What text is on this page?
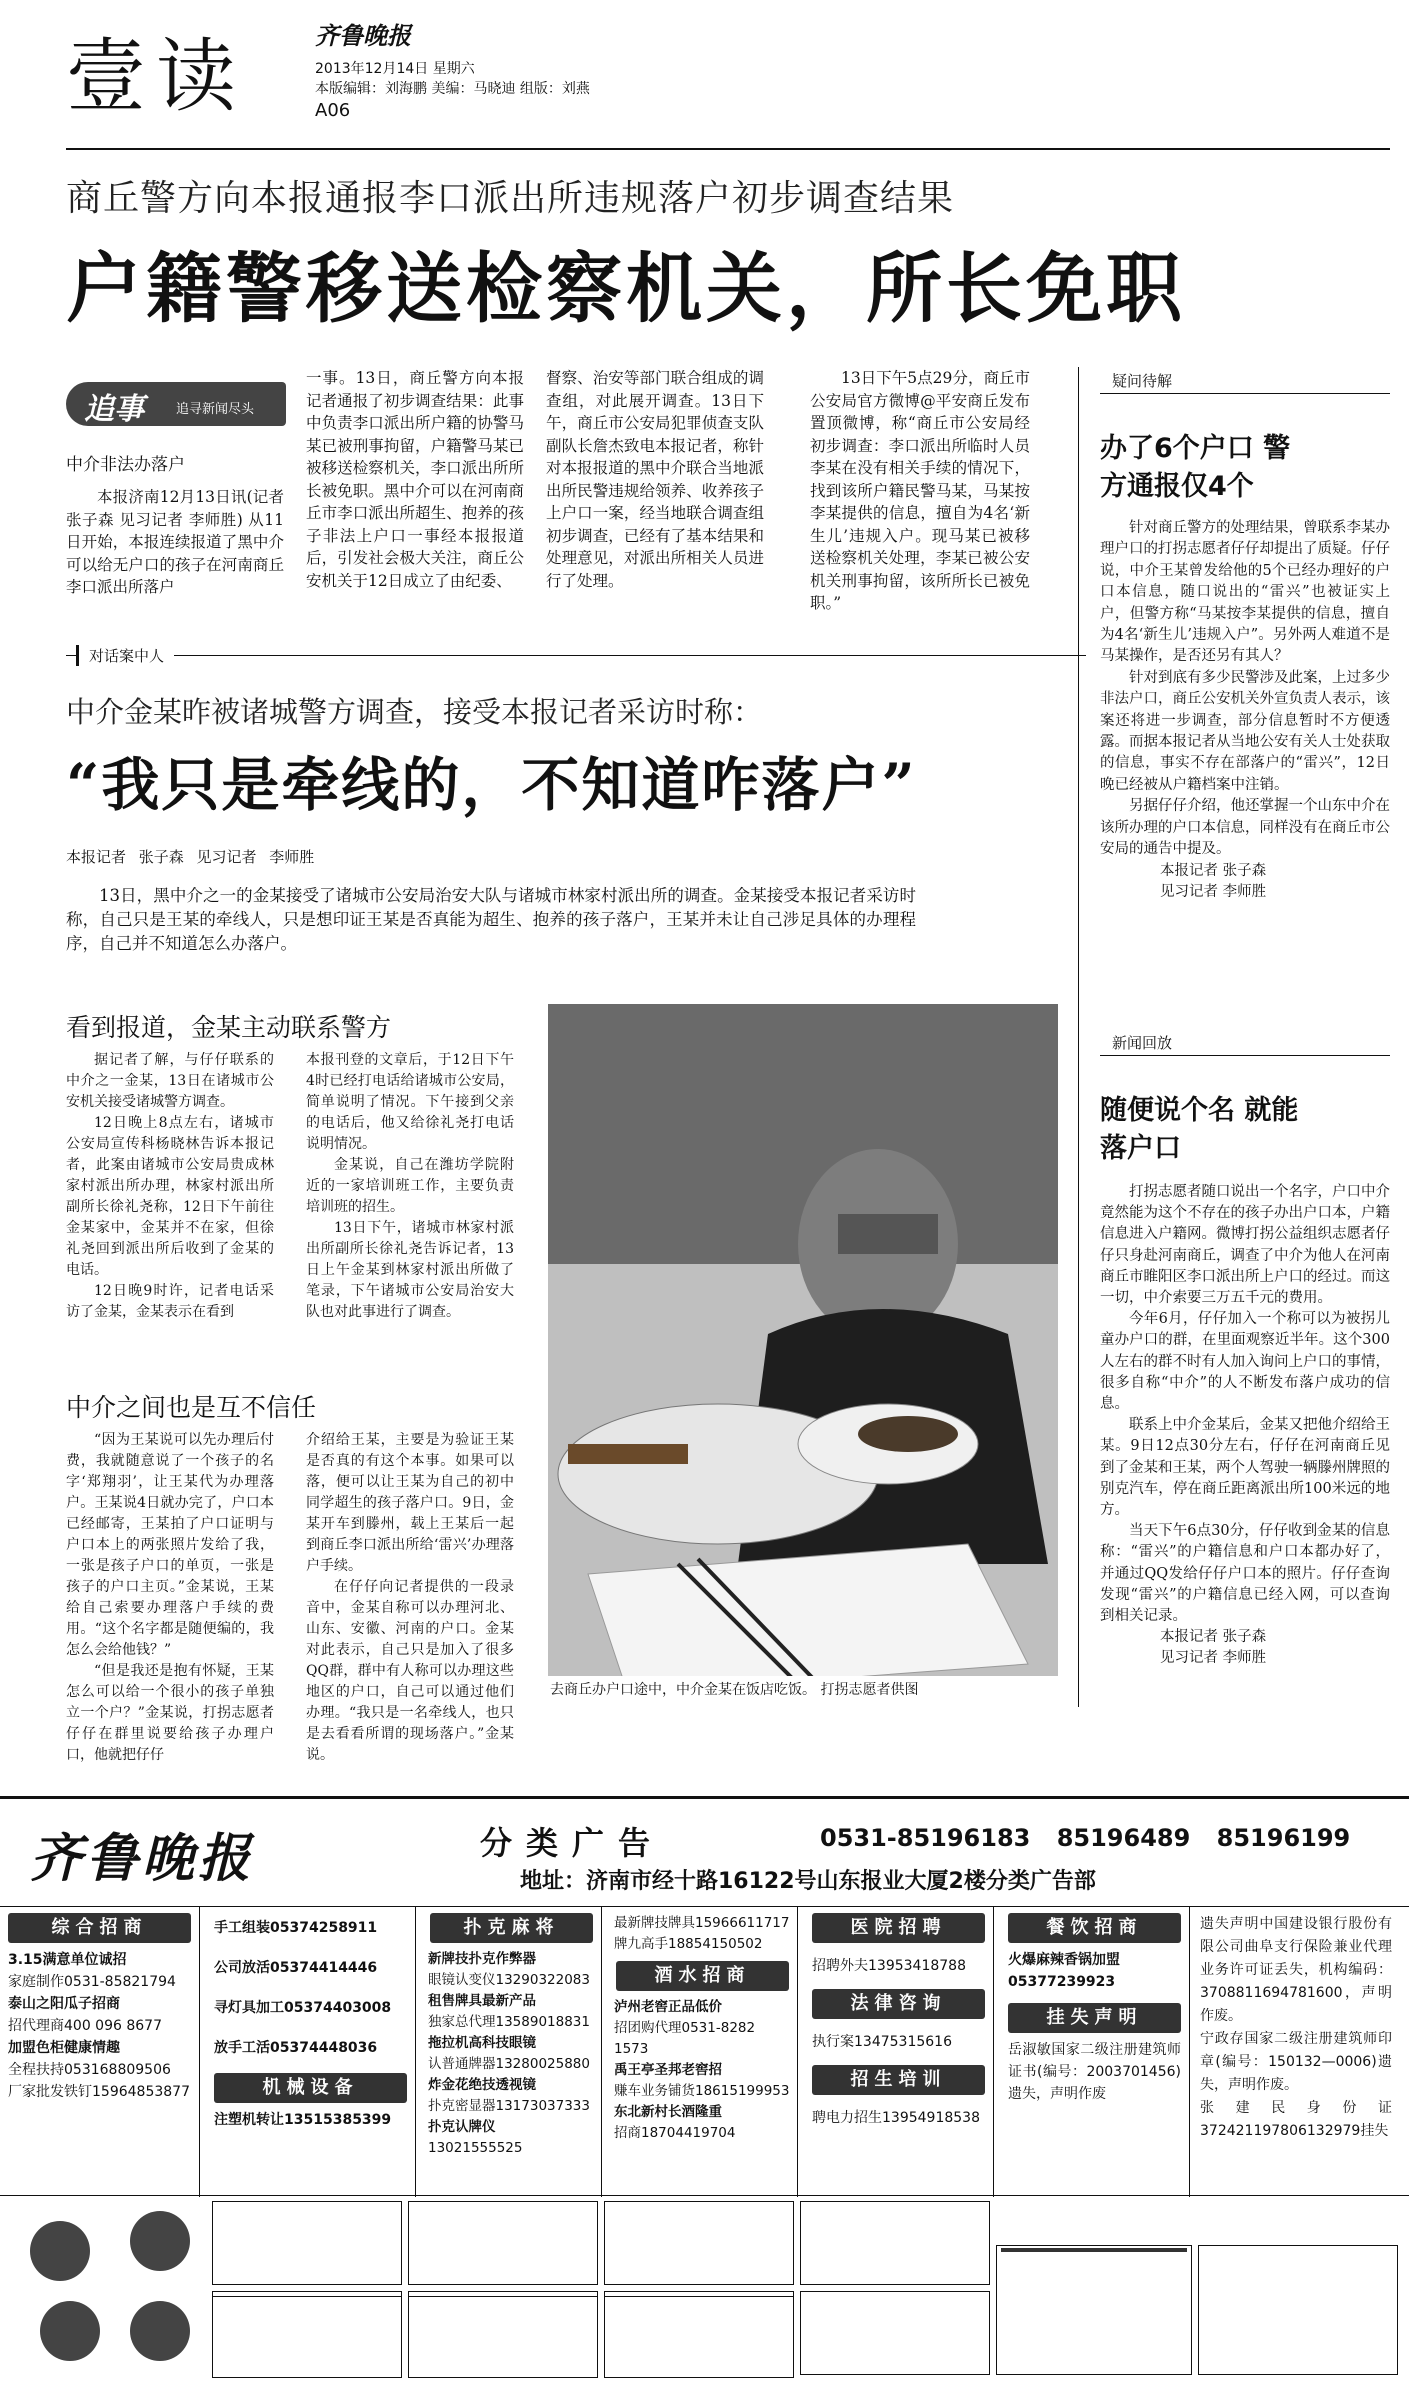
壹读	齐鲁晚报
2013年12月14日 星期六
本版编辑：刘海鹏 美编：马晓迪 组版：刘燕
A06
商丘警方向本报通报李口派出所违规落户初步调查结果
户籍警移送检察机关，所长免职
追事 追寻新闻尽头
中介非法办落户

本报济南12月13日讯(记者 张子森 见习记者 李师胜) 从11日开始，本报连续报道了黑中介可以给无户口的孩子在河南商丘李口派出所落户

一事。13日，商丘警方向本报记者通报了初步调查结果：此事中负责李口派出所户籍的协警马某已被刑事拘留，户籍警马某已被移送检察机关，李口派出所所长被免职。黑中介可以在河南商丘市李口派出所超生、抱养的孩子非法上户口一事经本报报道后，引发社会极大关注，商丘公安机关于12日成立了由纪委、

督察、治安等部门联合组成的调查组，对此展开调查。13日下午，商丘市公安局犯罪侦查支队副队长詹杰致电本报记者，称针对本报报道的黑中介联合当地派出所民警违规给领养、收养孩子上户口一案，经当地联合调查组初步调查，已经有了基本结果和处理意见，对派出所相关人员进行了处理。

13日下午5点29分，商丘市公安局官方微博@平安商丘发布置顶微博，称“商丘市公安局经初步调查：李口派出所临时人员李某在没有相关手续的情况下，找到该所户籍民警马某，马某按李某提供的信息，擅自为4名‘新生儿’违规入户。现马某已被移送检察机关处理，李某已被公安机关刑事拘留，该所所长已被免职。”

对话案中人
中介金某昨被诸城警方调查，接受本报记者采访时称：
“我只是牵线的，不知道咋落户”
本报记者 张子森 见习记者 李师胜

13日，黑中介之一的金某接受了诸城市公安局治安大队与诸城市林家村派出所的调查。金某接受本报记者采访时称，自己只是王某的牵线人，只是想印证王某是否真能为超生、抱养的孩子落户，王某并未让自己涉足具体的办理程序，自己并不知道怎么办落户。

看到报道，金某主动联系警方

据记者了解，与仔仔联系的中介之一金某，13日在诸城市公安机关接受诸城警方调查。

12日晚上8点左右，诸城市公安局宣传科杨晓林告诉本报记者，此案由诸城市公安局贵成林家村派出所办理，林家村派出所副所长徐礼尧称，12日下午前往金某家中，金某并不在家，但徐礼尧回到派出所后收到了金某的电话。

12日晚9时许，记者电话采访了金某，金某表示在看到

本报刊登的文章后，于12日下午4时已经打电话给诸城市公安局，简单说明了情况。下午接到父亲的电话后，他又给徐礼尧打电话说明情况。

金某说，自己在潍坊学院附近的一家培训班工作，主要负责培训班的招生。

13日下午，诸城市林家村派出所副所长徐礼尧告诉记者，13日上午金某到林家村派出所做了笔录，下午诸城市公安局治安大队也对此事进行了调查。

中介之间也是互不信任

“因为王某说可以先办理后付费，我就随意说了一个孩子的名字‘郑翔羽’，让王某代为办理落户。王某说4日就办完了，户口本已经邮寄，王某拍了户口证明与户口本上的两张照片发给了我，一张是孩子户口的单页，一张是孩子的户口主页。”金某说，王某给自己索要办理落户手续的费用。“这个名字都是随便编的，我怎么会给他钱？”

“但是我还是抱有怀疑，王某怎么可以给一个很小的孩子单独立一个户？”金某说，打拐志愿者仔仔在群里说要给孩子办理户口，他就把仔仔

介绍给王某，主要是为验证王某是否真的有这个本事。如果可以落，便可以让王某为自己的初中同学超生的孩子落户口。9日，金某开车到滕州，载上王某后一起到商丘李口派出所给‘雷兴’办理落户手续。

在仔仔向记者提供的一段录音中，金某自称可以办理河北、山东、安徽、河南的户口。金某对此表示，自己只是加入了很多QQ群，群中有人称可以办理这些地区的户口，自己可以通过他们办理。“我只是一名牵线人，也只是去看看所谓的现场落户。”金某说。

去商丘办户口途中，中介金某在饭店吃饭。 打拐志愿者供图
疑问待解
办了6个户口 警方通报仅4个

针对商丘警方的处理结果，曾联系李某办理户口的打拐志愿者仔仔却提出了质疑。仔仔说，中介王某曾发给他的5个已经办理好的户口本信息，随口说出的“雷兴”也被证实上户，但警方称“马某按李某提供的信息，擅自为4名‘新生儿’违规入户”。另外两人难道不是马某操作，是否还另有其人？

针对到底有多少民警涉及此案，上过多少非法户口，商丘公安机关外宣负责人表示，该案还将进一步调查，部分信息暂时不方便透露。而据本报记者从当地公安有关人士处获取的信息，事实不存在部落户的“雷兴”，12日晚已经被从户籍档案中注销。

另据仔仔介绍，他还掌握一个山东中介在该所办理的户口本信息，同样没有在商丘市公安局的通告中提及。

本报记者 张子森
见习记者 李师胜
新闻回放
随便说个名 就能落户口

打拐志愿者随口说出一个名字，户口中介竟然能为这个不存在的孩子办出户口本，户籍信息进入户籍网。微博打拐公益组织志愿者仔仔只身赴河南商丘，调查了中介为他人在河南商丘市睢阳区李口派出所上户口的经过。而这一切，中介索要三万五千元的费用。

今年6月，仔仔加入一个称可以为被拐儿童办户口的群，在里面观察近半年。这个300人左右的群不时有人加入询问上户口的事情，很多自称“中介”的人不断发布落户成功的信息。

联系上中介金某后，金某又把他介绍给王某。9日12点30分左右，仔仔在河南商丘见到了金某和王某，两个人驾驶一辆滕州牌照的别克汽车，停在商丘距离派出所100米远的地方。

当天下午6点30分，仔仔收到金某的信息称：“雷兴”的户籍信息和户口本都办好了，并通过QQ发给仔仔户口本的照片。仔仔查询发现“雷兴”的户籍信息已经入网，可以查询到相关记录。

本报记者 张子森
见习记者 李师胜
齐鲁晚报	分类广告	0531-85196183 85196489 85196199
地址：济南市经十路16122号山东报业大厦2楼分类广告部
综合招商
3.15满意单位诚招
家庭制作0531-85821794
泰山之阳瓜子招商
招代理商400 096 8677
加盟色柜健康情趣
全程扶持053168809506
厂家批发铁钉15964853877
手工组装05374258911
公司放活05374414446
寻灯具加工05374403008
放手工活05374448036
机械设备
注塑机转让13515385399
扑克麻将
新牌技扑克作弊器
眼镜认变仪13290322083
租售牌具最新产品
独家总代理13589018831
拖拉机高科技眼镜
认普通牌器13280025880
炸金花绝技透视镜
扑克密显器13173037333
扑克认牌仪
13021555525
最新牌技牌具15966611717
牌九高手18854150502
酒水招商
泸州老窖正品低价
招团购代理0531-8282 1573
禹王亭圣邦老窖招
赚车业务铺货18615199953
东北新村长酒隆重
招商18704419704
医院招聘
招聘外夫13953418788
法律咨询
执行案13475315616
招生培训
聘电力招生13954918538
餐饮招商
火爆麻辣香锅加盟
05377239923
挂失声明
岳淑敏国家二级注册建筑师证书(编号：2003701456)遗失，声明作废
遗失声明中国建设银行股份有限公司曲阜支行保险兼业代理业务许可证丢失，机构编码：3708811694781600，声明作废。
宁政存国家二级注册建筑师印章(编号：150132—0006)遗失，声明作废。
张建民身份证372421197806132979挂失
